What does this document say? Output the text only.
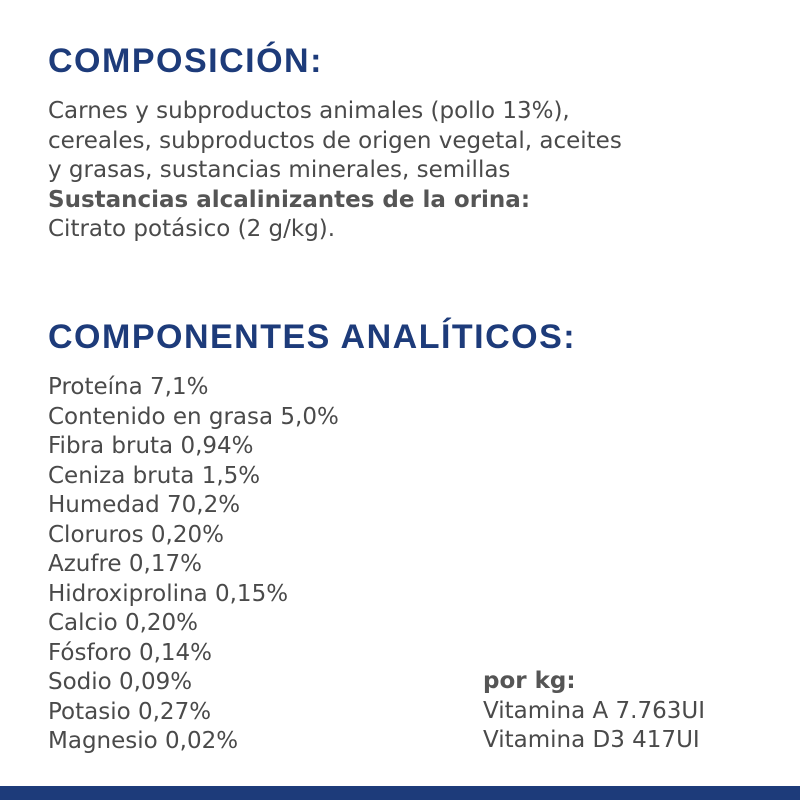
COMPOSICIÓN:
Carnes y subproductos animales (pollo 13%),
cereales, subproductos de origen vegetal, aceites
y grasas, sustancias minerales, semillas
Sustancias alcalinizantes de la orina:
Citrato potásico (2 g/kg).
COMPONENTES ANALÍTICOS:
Proteína 7,1%
Contenido en grasa 5,0%
Fibra bruta 0,94%
Ceniza bruta 1,5%
Humedad 70,2%
Cloruros 0,20%
Azufre 0,17%
Hidroxiprolina 0,15%
Calcio 0,20%
Fósforo 0,14%
Sodio 0,09%
Potasio 0,27%
Magnesio 0,02%
por kg:
Vitamina A 7.763UI
Vitamina D3 417UI
